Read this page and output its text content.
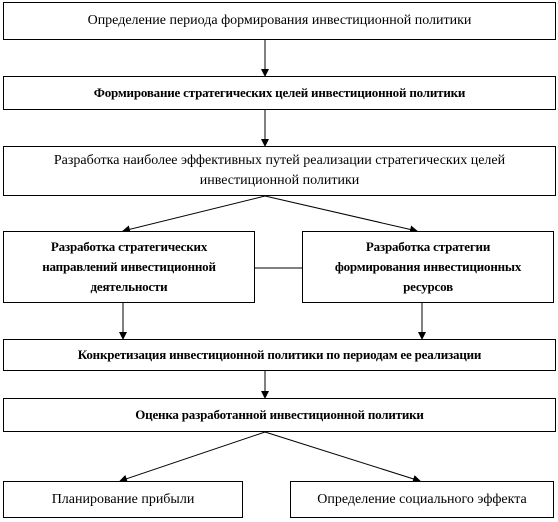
Определение периода формирования инвестиционной политики
Формирование стратегических целей инвестиционной политики
Разработка наиболее эффективных путей реализации стратегических целей инвестиционной политики
Разработка стратегических направлений инвестиционной деятельности
Разработка стратегии формирования инвестиционных ресурсов
Конкретизация инвестиционной политики по периодам ее реализации
Оценка разработанной инвестиционной политики
Планирование прибыли	Определение социального эффекта
